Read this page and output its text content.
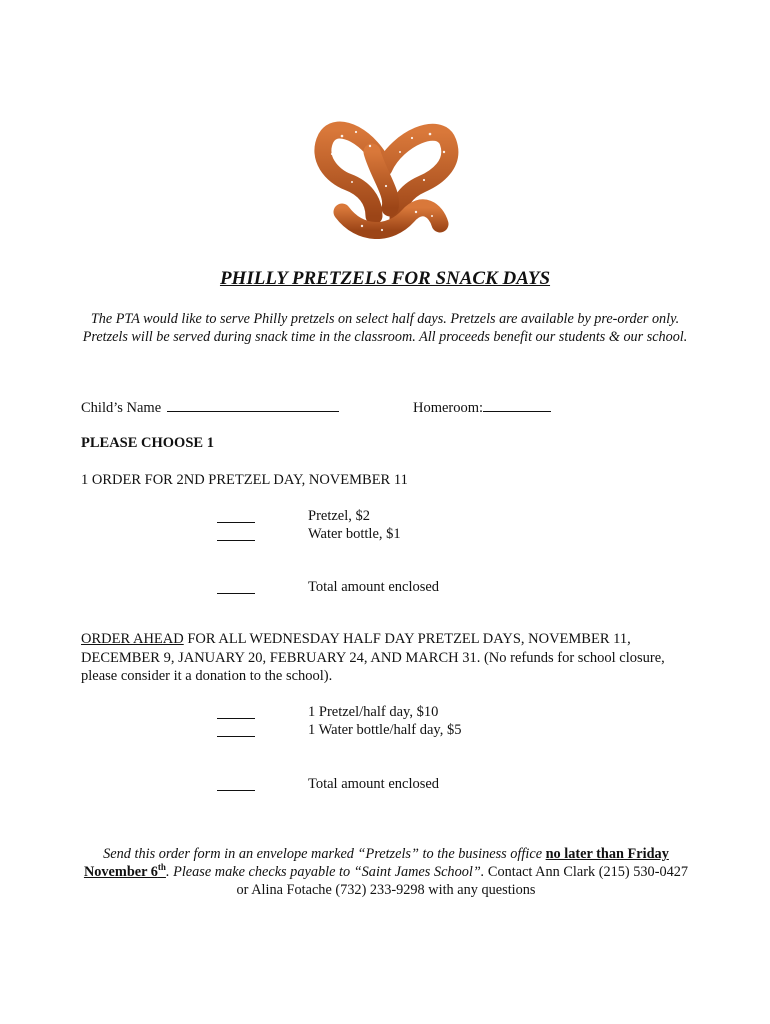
PHILLY PRETZELS FOR SNACK DAYS
The PTA would like to serve Philly pretzels on select half days. Pretzels are available by pre-order only. Pretzels will be served during snack time in the classroom. All proceeds benefit our students & our school.
Child’s Name	Homeroom:
PLEASE CHOOSE 1
1 ORDER FOR 2ND PRETZEL DAY, NOVEMBER 11
Pretzel, $2
Water bottle, $1
Total amount enclosed
ORDER AHEAD FOR ALL WEDNESDAY HALF DAY PRETZEL DAYS, NOVEMBER 11, DECEMBER 9, JANUARY 20, FEBRUARY 24, AND MARCH 31. (No refunds for school closure, please consider it a donation to the school).
1 Pretzel/half day, $10
1 Water bottle/half day, $5
Total amount enclosed
Send this order form in an envelope marked “Pretzels” to the business office no later than Friday November 6th. Please make checks payable to “Saint James School”. Contact Ann Clark (215) 530-0427 or Alina Fotache (732) 233-9298 with any questions
